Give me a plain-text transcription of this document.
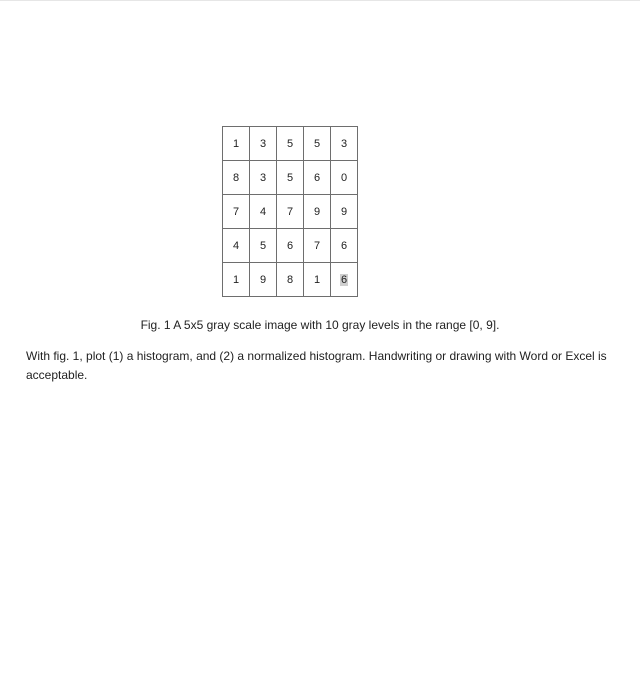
1	3	5	5	3
8	3	5	6	0
7	4	7	9	9
4	5	6	7	6
1	9	8	1	6
Fig. 1 A 5x5 gray scale image with 10 gray levels in the range [0, 9].
With fig. 1, plot (1) a histogram, and (2) a normalized histogram. Handwriting or drawing with Word or Excel is acceptable.
